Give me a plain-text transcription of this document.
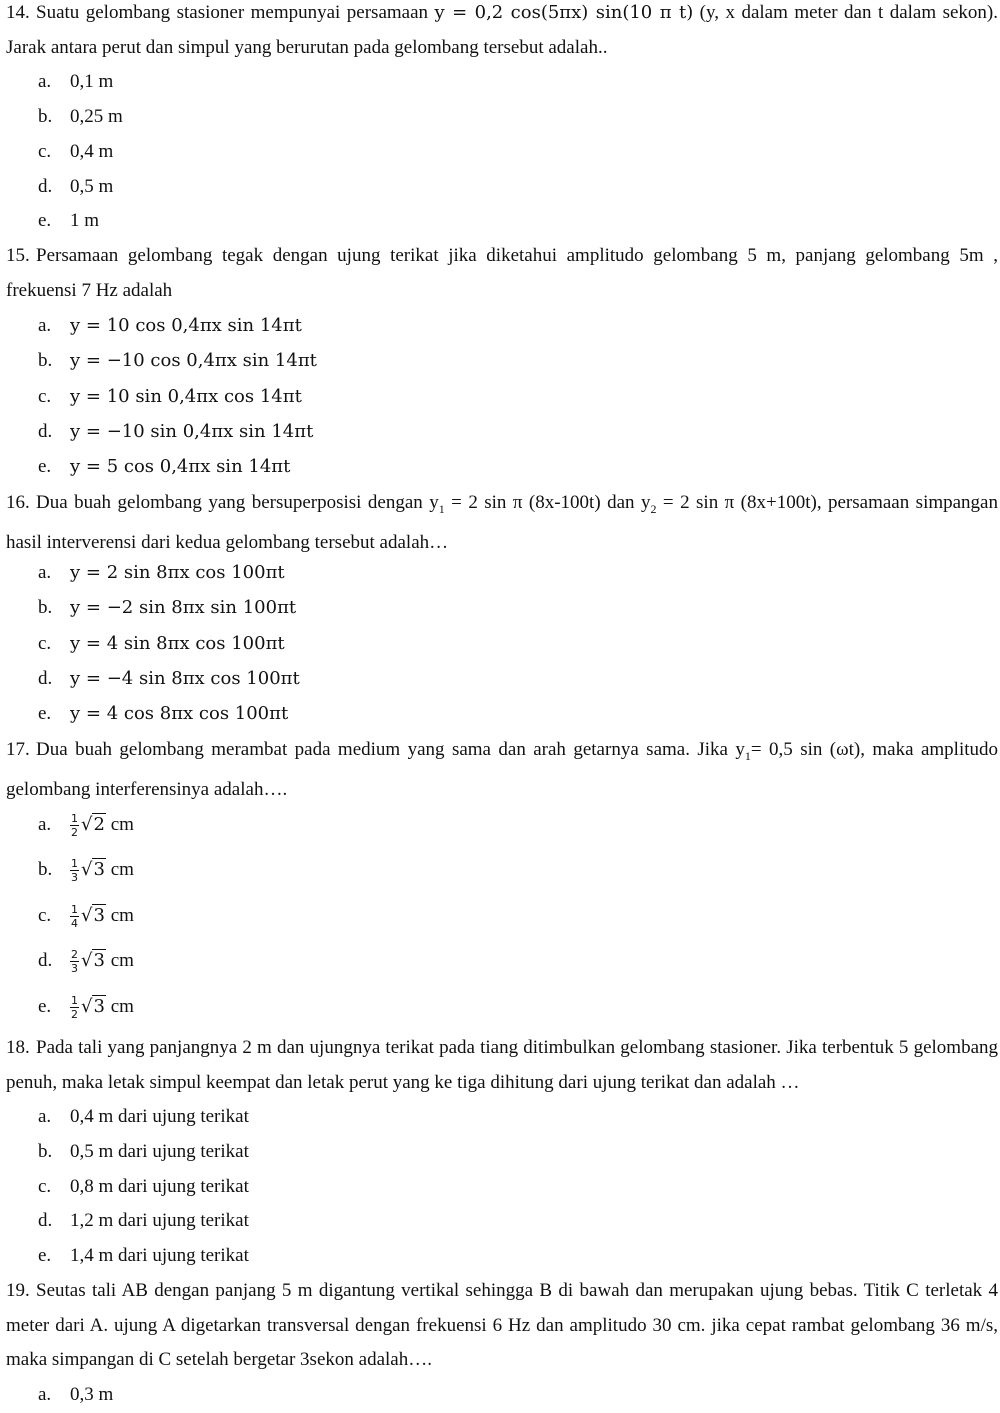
14. Suatu gelombang stasioner mempunyai persamaan y = 0,2 cos(5πx) sin(10 π t) (y, x dalam meter dan t dalam sekon). Jarak antara perut dan simpul yang berurutan pada gelombang tersebut adalah..
a. 0,1 m
b. 0,25 m
c. 0,4 m
d. 0,5 m
e. 1 m
15. Persamaan gelombang tegak dengan ujung terikat jika diketahui amplitudo gelombang 5 m, panjang gelombang 5m , frekuensi 7 Hz adalah
a. y = 10 cos 0,4πx sin 14πt
b. y = −10 cos 0,4πx sin 14πt
c. y = 10 sin 0,4πx cos 14πt
d. y = −10 sin 0,4πx sin 14πt
e. y = 5 cos 0,4πx sin 14πt
16. Dua buah gelombang yang bersuperposisi dengan $y_1 = 2$ sin π (8x-100t) dan $y_2 = 2$ sin π (8x+100t), persamaan simpangan hasil interverensi dari kedua gelombang tersebut adalah…
a. y = 2 sin 8πx cos 100πt
b. y = −2 sin 8πx sin 100πt
c. y = 4 sin 8πx cos 100πt
d. y = −4 sin 8πx cos 100πt
e. y = 4 cos 8πx cos 100πt
17. Dua buah gelombang merambat pada medium yang sama dan arah getarnya sama. Jika $y_1= 0,5$ sin (ωt), maka amplitudo gelombang interferensinya adalah….
a. $\frac{1}{2} √2$ cm
b. $\frac{1}{3} √3$ cm
c. $\frac{1}{4} √3$ cm
d. $\frac{2}{3} √3$ cm
e. $\frac{1}{2} √3$ cm
18. Pada tali yang panjangnya 2 m dan ujungnya terikat pada tiang ditimbulkan gelombang stasioner. Jika terbentuk 5 gelombang penuh, maka letak simpul keempat dan letak perut yang ke tiga dihitung dari ujung terikat dan adalah …
a. 0,4 m dari ujung terikat
b. 0,5 m dari ujung terikat
c. 0,8 m dari ujung terikat
d. 1,2 m dari ujung terikat
e. 1,4 m dari ujung terikat
19. Seutas tali AB dengan panjang 5 m digantung vertikal sehingga B di bawah dan merupakan ujung bebas. Titik C terletak 4 meter dari A. ujung A digetarkan transversal dengan frekuensi 6 Hz dan amplitudo 30 cm. jika cepat rambat gelombang 36 m/s, maka simpangan di C setelah bergetar 3sekon adalah….
a. 0,3 m
